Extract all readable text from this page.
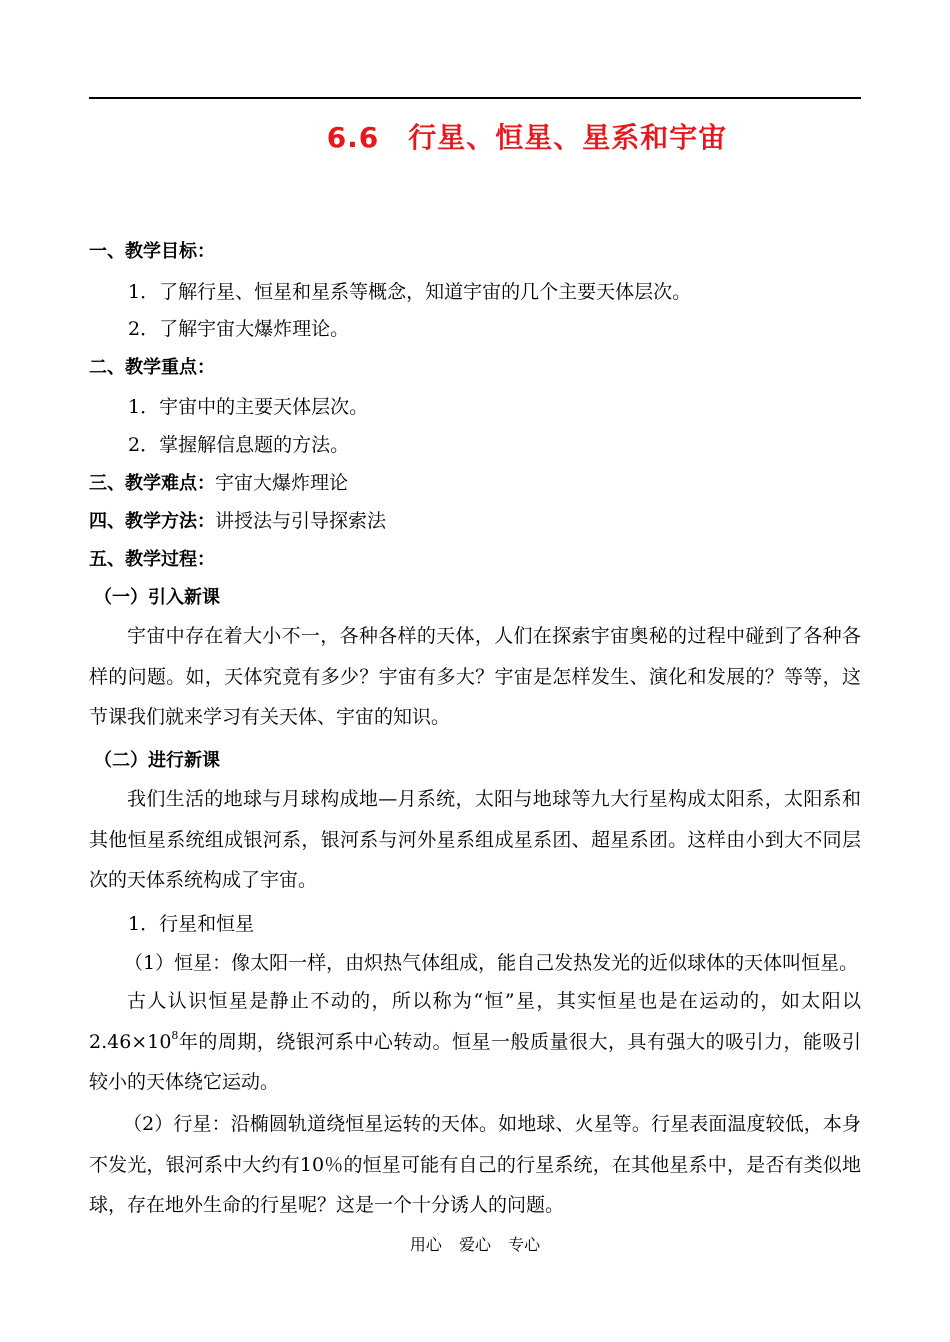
6.6　行星、恒星、星系和宇宙
一、教学目标：
1．了解行星、恒星和星系等概念，知道宇宙的几个主要天体层次。
2．了解宇宙大爆炸理论。
二、教学重点：
1．宇宙中的主要天体层次。
2．掌握解信息题的方法。
三、教学难点：宇宙大爆炸理论
四、教学方法：讲授法与引导探索法
五、教学过程：
（一）引入新课
宇宙中存在着大小不一，各种各样的天体，人们在探索宇宙奥秘的过程中碰到了各种各样的问题。如，天体究竟有多少？宇宙有多大？宇宙是怎样发生、演化和发展的？等等，这节课我们就来学习有关天体、宇宙的知识。
（二）进行新课
我们生活的地球与月球构成地—月系统，太阳与地球等九大行星构成太阳系，太阳系和其他恒星系统组成银河系，银河系与河外星系组成星系团、超星系团。这样由小到大不同层次的天体系统构成了宇宙。
1．行星和恒星
（1）恒星：像太阳一样，由炽热气体组成，能自己发热发光的近似球体的天体叫恒星。
古人认识恒星是静止不动的，所以称为“恒”星，其实恒星也是在运动的，如太阳以$2.46\times 10^8$年的周期，绕银河系中心转动。恒星一般质量很大，具有强大的吸引力，能吸引较小的天体绕它运动。
（2）行星：沿椭圆轨道绕恒星运转的天体。如地球、火星等。行星表面温度较低，本身不发光，银河系中大约有10％的恒星可能有自己的行星系统，在其他星系中，是否有类似地球，存在地外生命的行星呢？这是一个十分诱人的问题。
用心 爱心 专心
